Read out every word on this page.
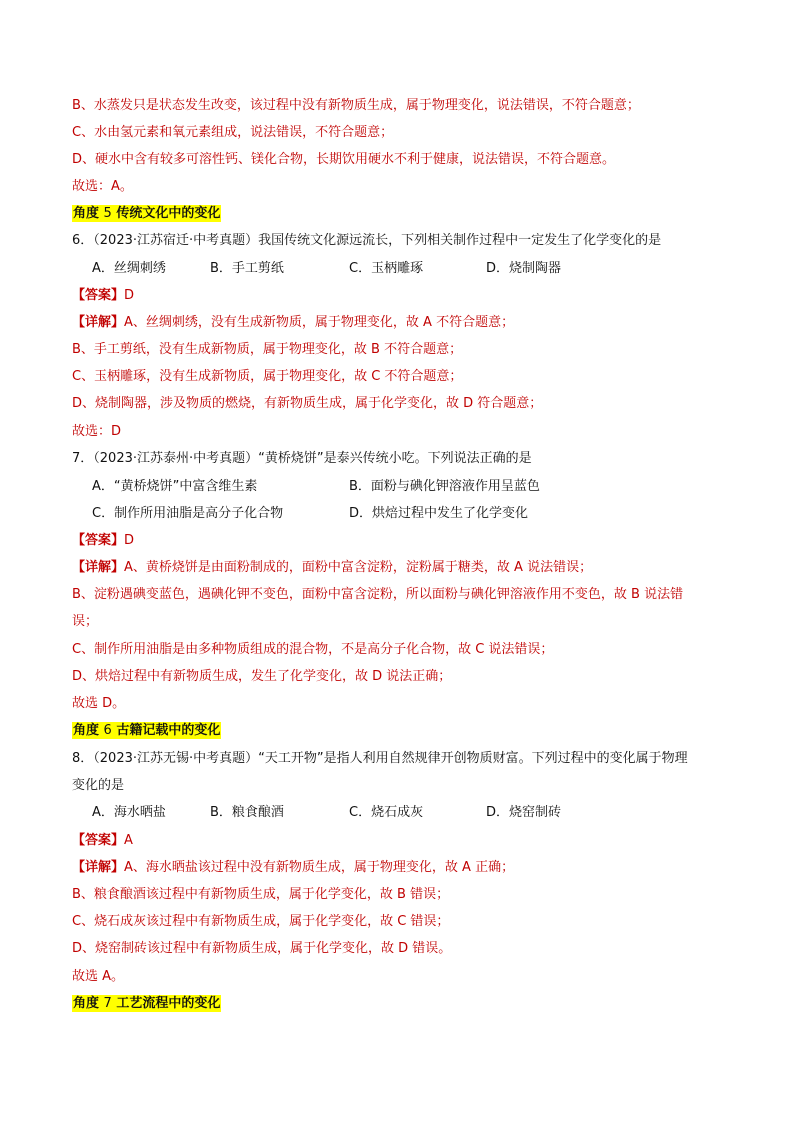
B、水蒸发只是状态发生改变，该过程中没有新物质生成，属于物理变化，说法错误，不符合题意；
C、水由氢元素和氧元素组成，说法错误，不符合题意；
D、硬水中含有较多可溶性钙、镁化合物，长期饮用硬水不利于健康，说法错误，不符合题意。
故选：A。
角度 5 传统文化中的变化
6．（2023·江苏宿迁·中考真题）我国传统文化源远流长，下列相关制作过程中一定发生了化学变化的是
A．丝绸刺绣	B．手工剪纸	C．玉柄雕琢	D．烧制陶器
【答案】D
【详解】A、丝绸刺绣，没有生成新物质，属于物理变化，故 A 不符合题意；
B、手工剪纸，没有生成新物质，属于物理变化，故 B 不符合题意；
C、玉柄雕琢，没有生成新物质，属于物理变化，故 C 不符合题意；
D、烧制陶器，涉及物质的燃烧，有新物质生成，属于化学变化，故 D 符合题意；
故选：D
7．（2023·江苏泰州·中考真题）“黄桥烧饼”是泰兴传统小吃。下列说法正确的是
A．“黄桥烧饼”中富含维生素	B．面粉与碘化钾溶液作用呈蓝色
C．制作所用油脂是高分子化合物	D．烘焙过程中发生了化学变化
【答案】D
【详解】A、黄桥烧饼是由面粉制成的，面粉中富含淀粉，淀粉属于糖类，故 A 说法错误；
B、淀粉遇碘变蓝色，遇碘化钾不变色，面粉中富含淀粉，所以面粉与碘化钾溶液作用不变色，故 B 说法错
误；
C、制作所用油脂是由多种物质组成的混合物，不是高分子化合物，故 C 说法错误；
D、烘焙过程中有新物质生成，发生了化学变化，故 D 说法正确；
故选 D。
角度 6 古籍记载中的变化
8．（2023·江苏无锡·中考真题）“天工开物”是指人利用自然规律开创物质财富。下列过程中的变化属于物理
变化的是
A．海水晒盐	B．粮食酿酒	C．烧石成灰	D．烧窑制砖
【答案】A
【详解】A、海水晒盐该过程中没有新物质生成，属于物理变化，故 A 正确；
B、粮食酿酒该过程中有新物质生成，属于化学变化，故 B 错误；
C、烧石成灰该过程中有新物质生成，属于化学变化，故 C 错误；
D、烧窑制砖该过程中有新物质生成，属于化学变化，故 D 错误。
故选 A。
角度 7 工艺流程中的变化
